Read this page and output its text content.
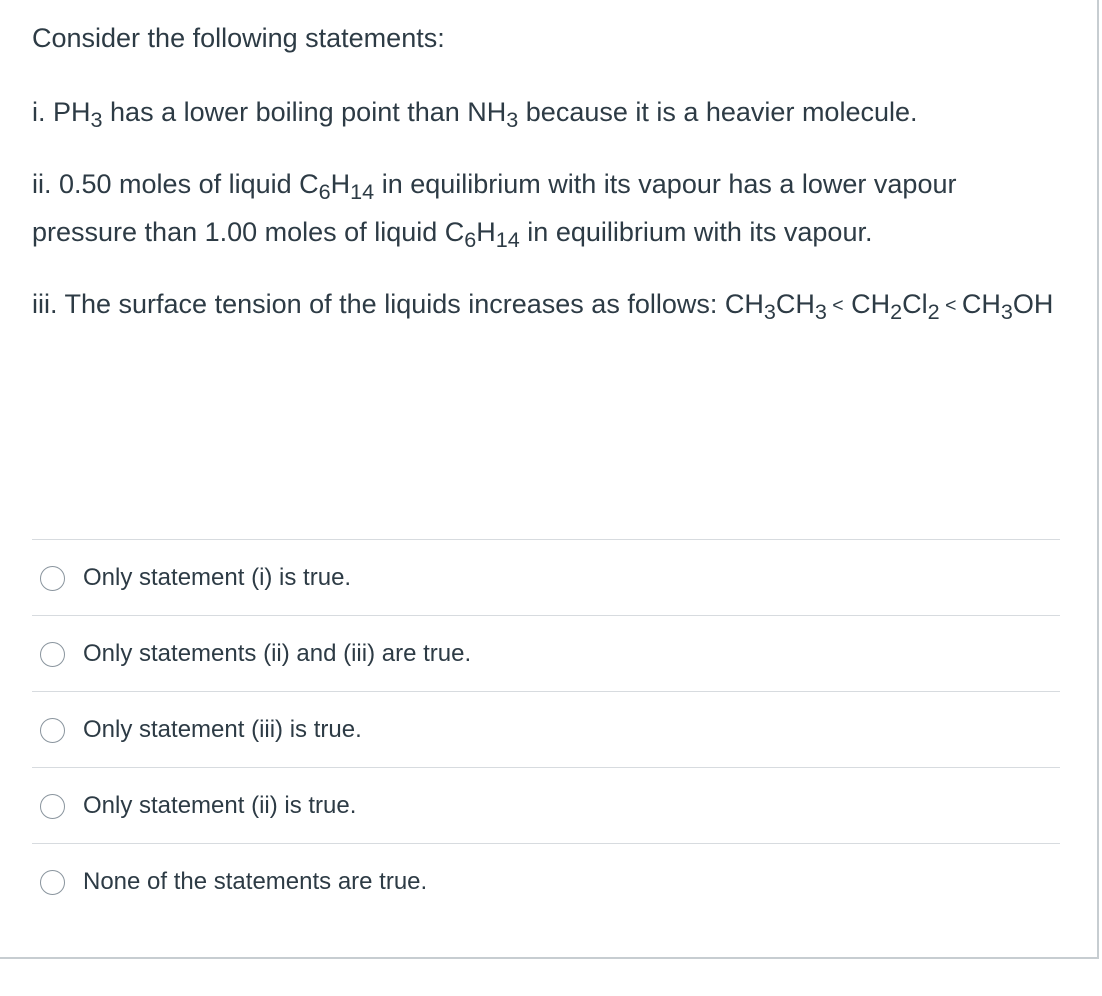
Consider the following statements:

i. $PH_3$ has a lower boiling point than $NH_3$ because it is a heavier molecule.

ii. 0.50 moles of liquid $C_6H_{14}$ in equilibrium with its vapour has a lower vapour pressure than 1.00 moles of liquid $C_6H_{14}$ in equilibrium with its vapour.

iii. The surface tension of the liquids increases as follows: $CH_3CH_3 < CH_2Cl_2 < CH_3OH$

Only statement (i) is true.
Only statements (ii) and (iii) are true.
Only statement (iii) is true.
Only statement (ii) is true.
None of the statements are true.
